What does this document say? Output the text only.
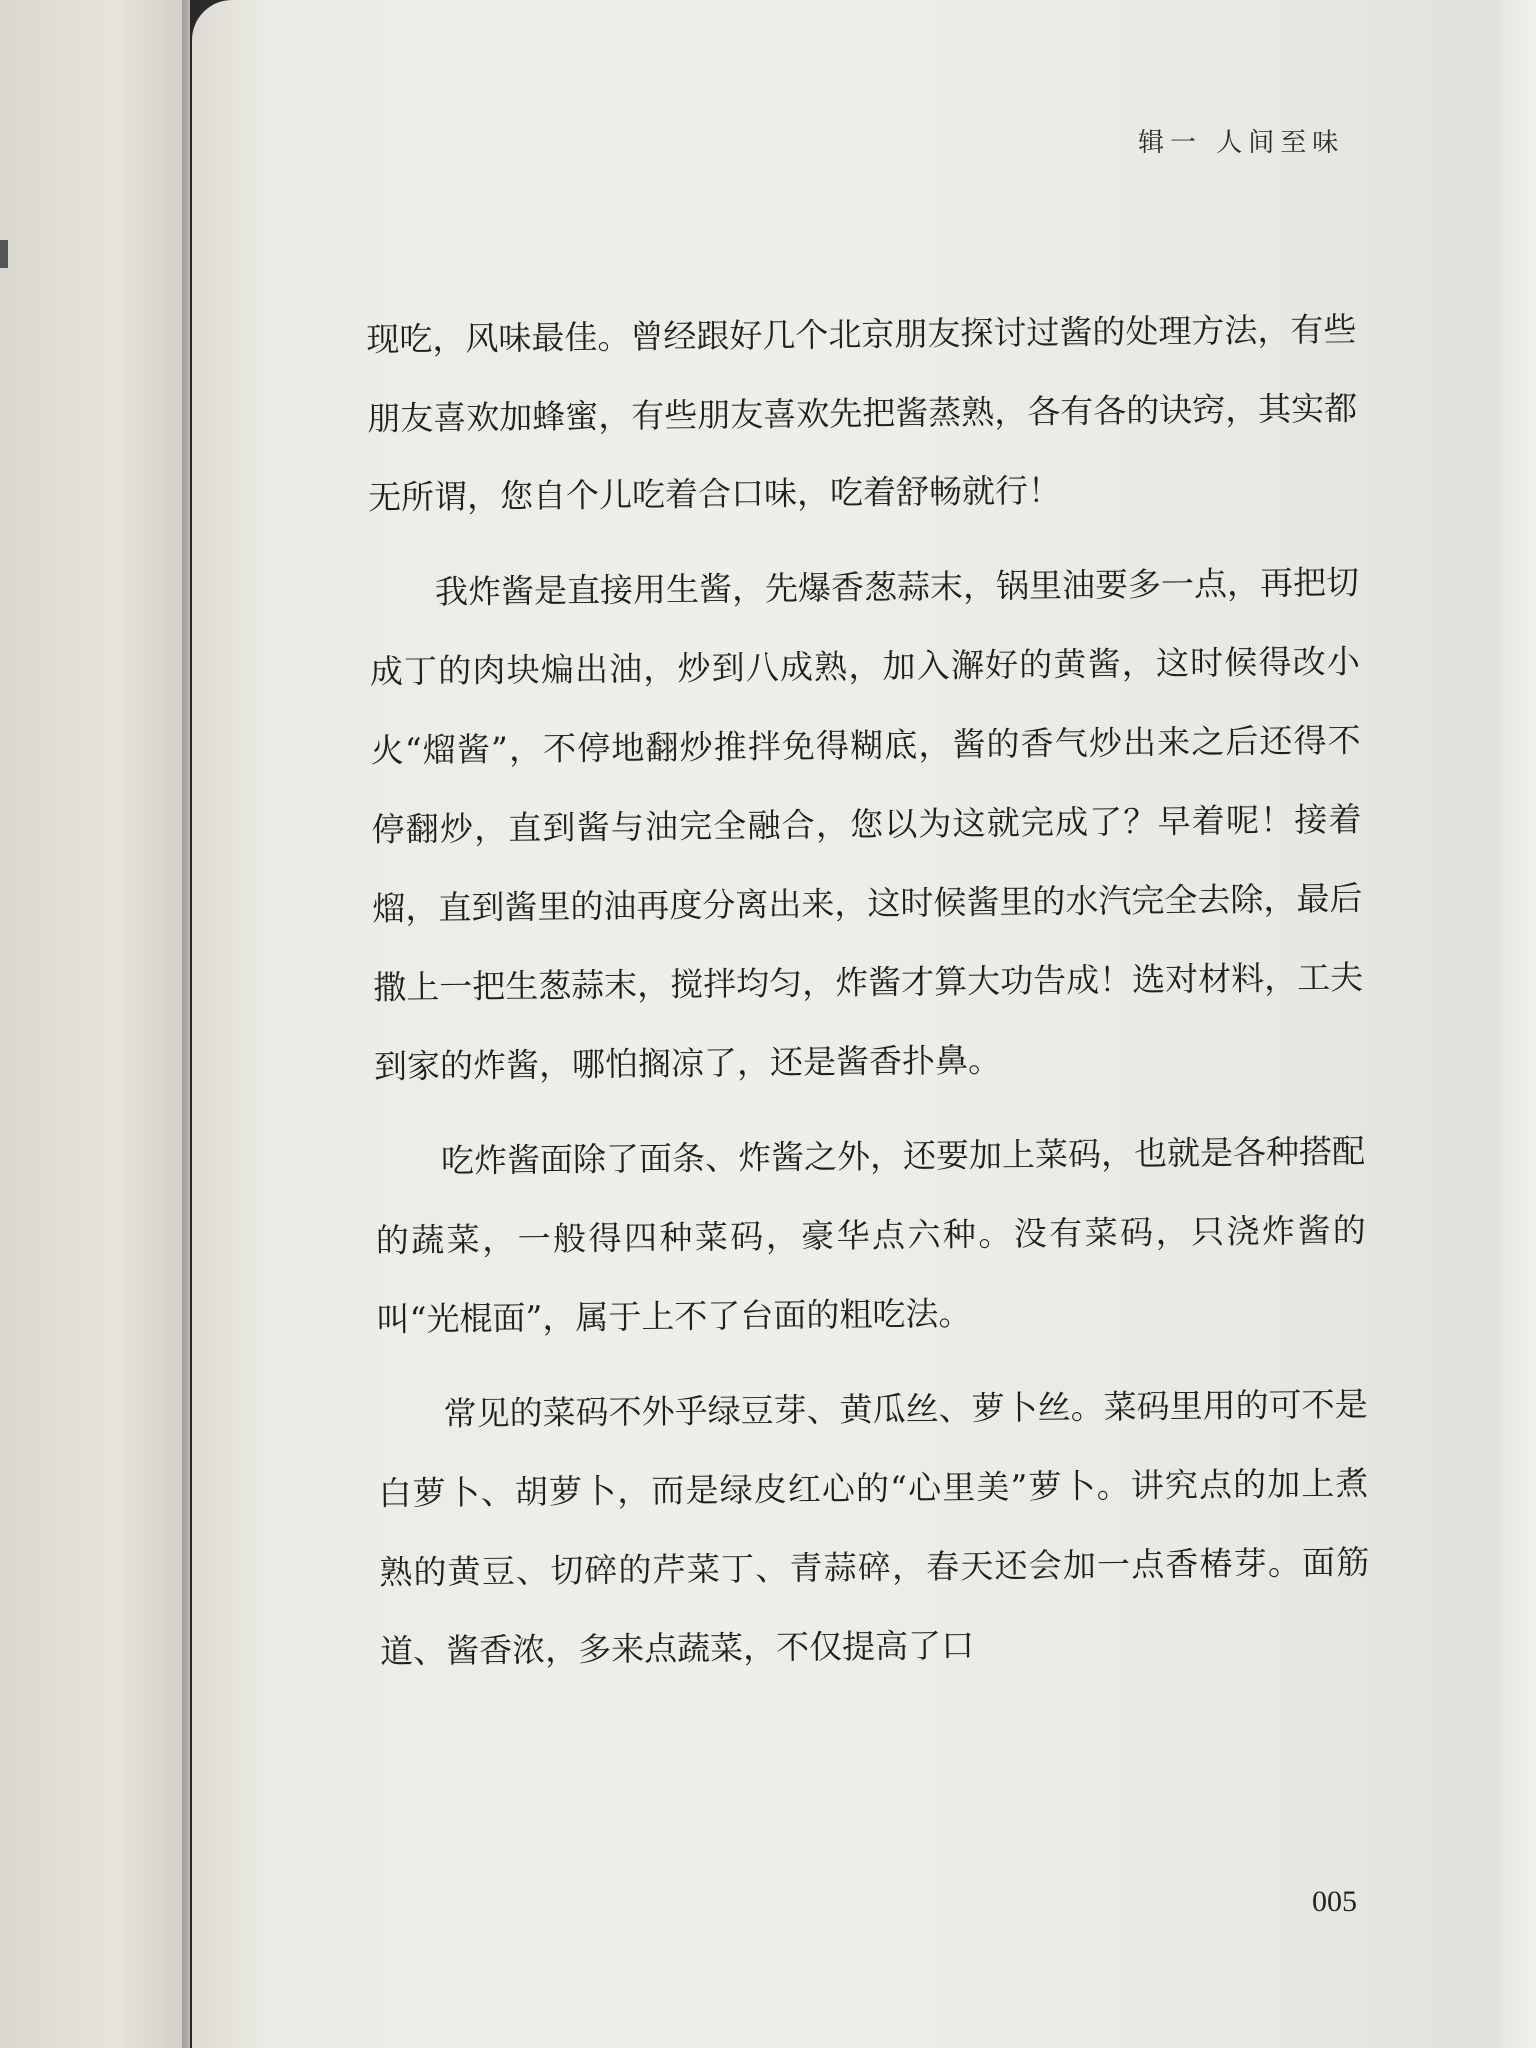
辑一 人间至味

现吃，风味最佳。曾经跟好几个北京朋友探讨过酱的处理方法，有些朋友喜欢加蜂蜜，有些朋友喜欢先把酱蒸熟，各有各的诀窍，其实都无所谓，您自个儿吃着合口味，吃着舒畅就行！

我炸酱是直接用生酱，先爆香葱蒜末，锅里油要多一点，再把切成丁的肉块煸出油，炒到八成熟，加入澥好的黄酱，这时候得改小火“熘酱”，不停地翻炒推拌免得糊底，酱的香气炒出来之后还得不停翻炒，直到酱与油完全融合，您以为这就完成了？早着呢！接着熘，直到酱里的油再度分离出来，这时候酱里的水汽完全去除，最后撒上一把生葱蒜末，搅拌均匀，炸酱才算大功告成！选对材料，工夫到家的炸酱，哪怕搁凉了，还是酱香扑鼻。

吃炸酱面除了面条、炸酱之外，还要加上菜码，也就是各种搭配的蔬菜，一般得四种菜码，豪华点六种。没有菜码，只浇炸酱的叫“光棍面”，属于上不了台面的粗吃法。

常见的菜码不外乎绿豆芽、黄瓜丝、萝卜丝。菜码里用的可不是白萝卜、胡萝卜，而是绿皮红心的“心里美”萝卜。讲究点的加上煮熟的黄豆、切碎的芹菜丁、青蒜碎，春天还会加一点香椿芽。面筋道、酱香浓，多来点蔬菜，不仅提高了口

005
